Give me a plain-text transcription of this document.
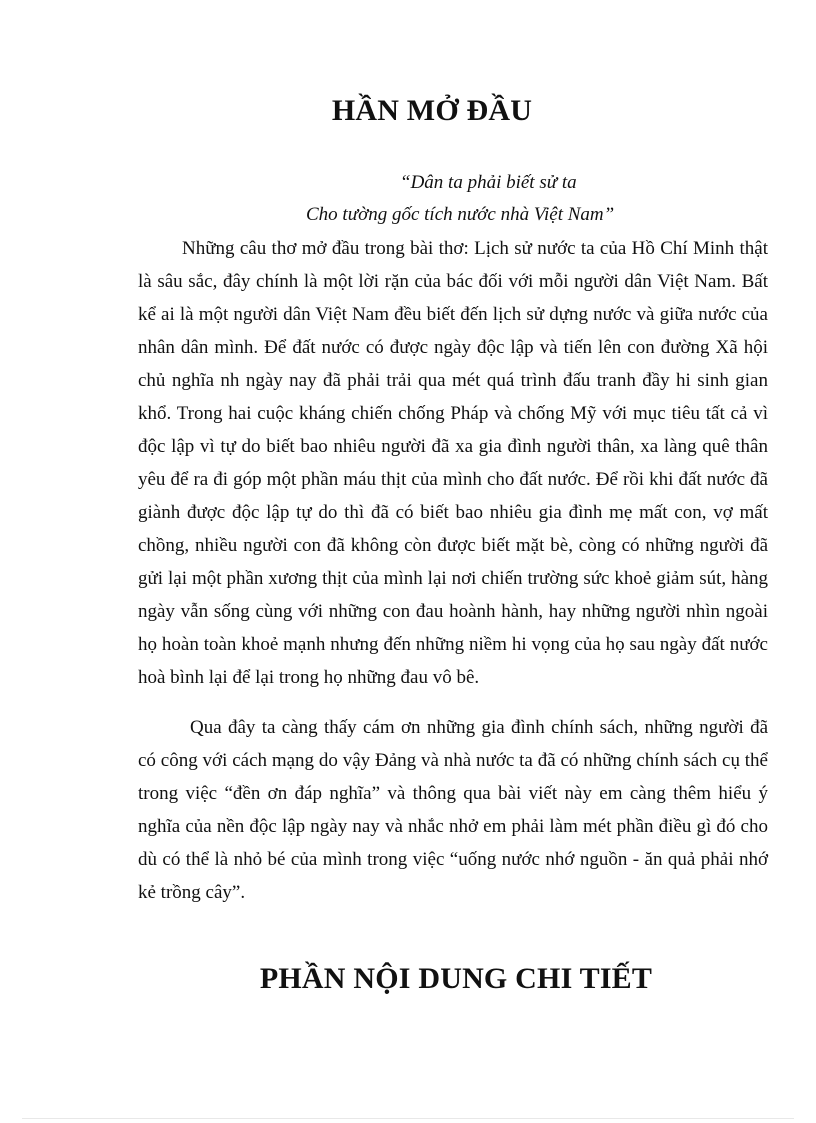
HẦN MỞ ĐẦU
“Dân ta phải biết sử ta
Cho tường gốc tích nước nhà Việt Nam”

Những câu thơ mở đầu trong bài thơ: Lịch sử nước ta của Hồ Chí Minh thật là sâu sắc, đây chính là một lời rặn của bác đối với mỗi người dân Việt Nam. Bất kể ai là một người dân Việt Nam đều biết đến lịch sử dựng nước và giữa nước của nhân dân mình. Để đất nước có được ngày độc lập và tiến lên con đường Xã hội chủ nghĩa nh ngày nay đã phải trải qua mét quá trình đấu tranh đầy hi sinh gian khổ. Trong hai cuộc kháng chiến chống Pháp và chống Mỹ với mục tiêu tất cả vì độc lập vì tự do biết bao nhiêu người đã xa gia đình người thân, xa làng quê thân yêu để ra đi góp một phần máu thịt của mình cho đất nước. Để rồi khi đất nước đã giành được độc lập tự do thì đã có biết bao nhiêu gia đình mẹ mất con, vợ mất chồng, nhiều người con đã không còn được biết mặt bè, còng có những người đã gửi lại một phần xương thịt của mình lại nơi chiến trường sức khoẻ giảm sút, hàng ngày vẫn sống cùng với những con đau hoành hành, hay những người nhìn ngoài họ hoàn toàn khoẻ mạnh nhưng đến những niềm hi vọng của họ sau ngày đất nước hoà bình lại để lại trong họ những đau vô bê.

Qua đây ta càng thấy cám ơn những gia đình chính sách, những người đã có công với cách mạng do vậy Đảng và nhà nước ta đã có những chính sách cụ thể trong việc “đền ơn đáp nghĩa” và thông qua bài viết này em càng thêm hiểu ý nghĩa của nền độc lập ngày nay và nhắc nhở em phải làm mét phần điều gì đó cho dù có thể là nhỏ bé của mình trong việc “uống nước nhớ nguồn - ăn quả phải nhớ kẻ trồng cây”.

PHẦN NỘI DUNG CHI TIẾT
